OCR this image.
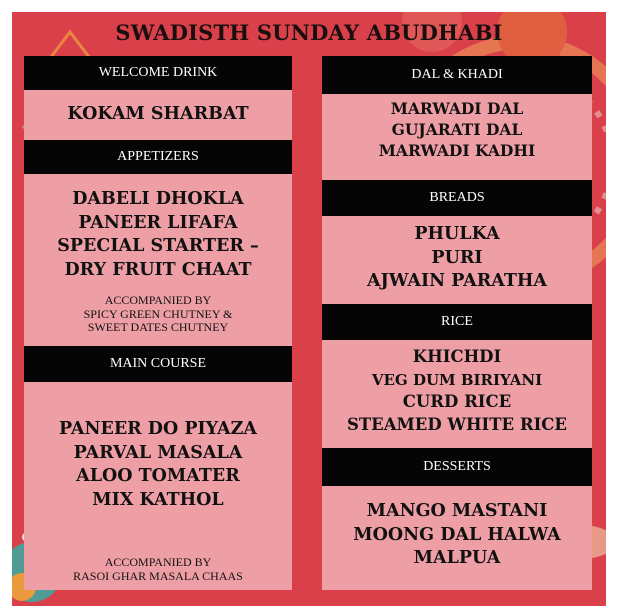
SWADISTH SUNDAY ABUDHABI
WELCOME DRINK
KOKAM SHARBAT
APPETIZERS
DABELI DHOKLA
PANEER LIFAFA
SPECIAL STARTER –
DRY FRUIT CHAAT
ACCOMPANIED BY
SPICY GREEN CHUTNEY &
SWEET DATES CHUTNEY
MAIN COURSE
PANEER DO PIYAZA
PARVAL MASALA
ALOO TOMATER
MIX KATHOL
ACCOMPANIED BY
RASOI GHAR MASALA CHAAS
DAL & KHADI
MARWADI DAL
GUJARATI DAL
MARWADI KADHI
BREADS
PHULKA
PURI
AJWAIN PARATHA
RICE
KHICHDI
VEG DUM BIRIYANI
CURD RICE
STEAMED WHITE RICE
DESSERTS
MANGO MASTANI
MOONG DAL HALWA
MALPUA
